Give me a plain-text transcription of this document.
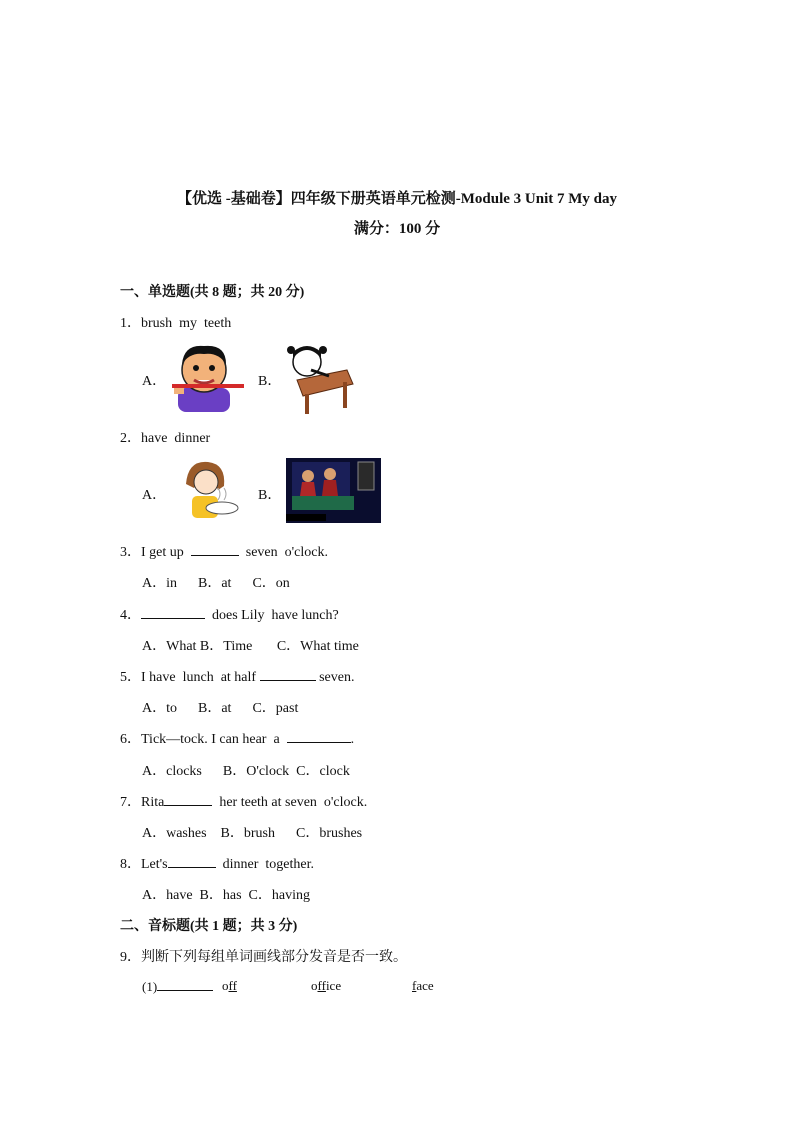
【优选 -基础卷】四年级下册英语单元检测-Module 3 Unit 7 My day
满分：100 分
一、单选题(共 8 题；共 20 分)
1．brush  my  teeth
A．	B．
2．have  dinner
A．	B．
3．I get up	seven  o'clock.
A．in      B．at      C．on
4．	does Lily  have lunch?
A．What B．Time       C．What time
5．I have  lunch  at half	seven.
A．to      B．at      C．past
6．Tick—tock. I can hear  a	.
A．clocks      B．O'clock  C．clock
7．Rita	her teeth at seven  o'clock.
A．washes    B．brush      C．brushes
8．Let's	dinner  together.
A．have  B．has  C．having
二、音标题(共 1 题；共 3 分)
9．判断下列每组单词画线部分发音是否一致。
(1)	off	office	face
